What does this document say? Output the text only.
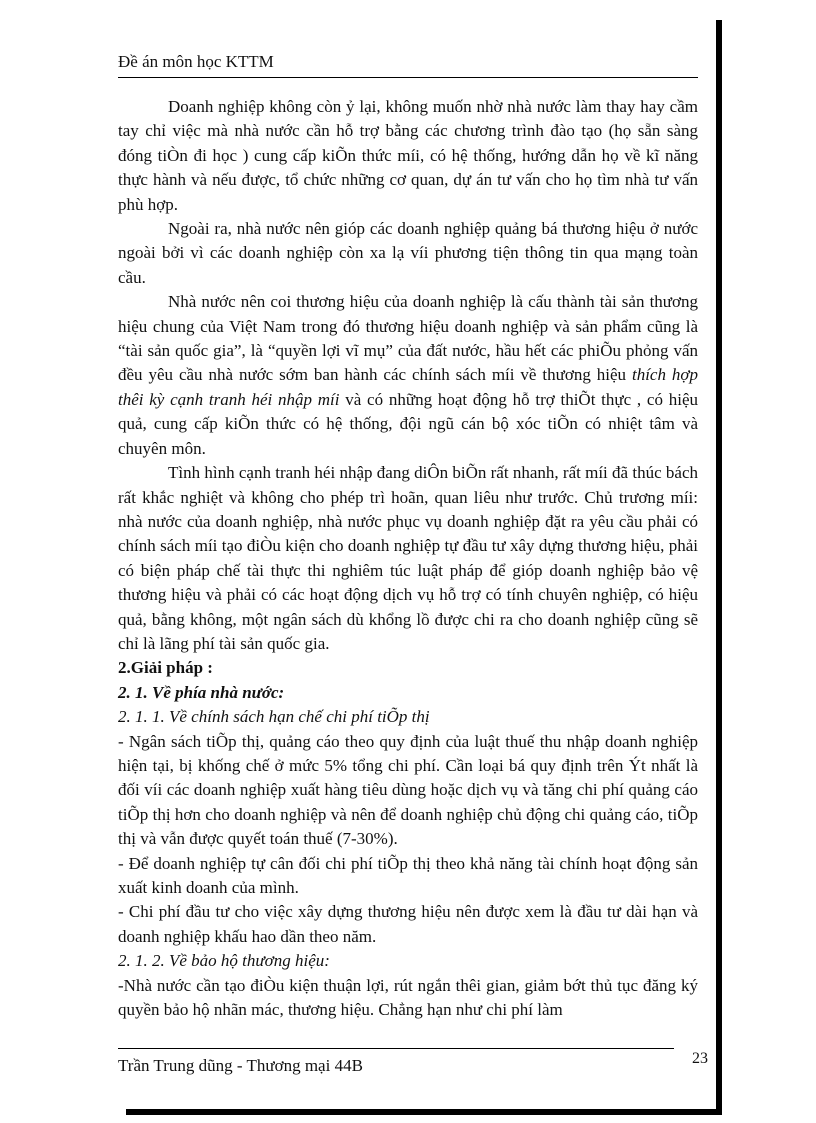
Đề án môn học KTTM

Doanh nghiệp không còn ỷ lại, không muốn nhờ nhà nước làm thay hay cầm tay chỉ việc mà nhà nước cần hỗ trợ bằng các chương trình đào tạo (họ sẵn sàng đóng tiÒn đi học ) cung cấp kiÕn thức míi, có hệ thống, hướng dẫn họ về kĩ năng thực hành và nếu được, tổ chức những cơ quan, dự án tư vấn cho họ tìm nhà tư vấn phù hợp.

Ngoài ra, nhà nước nên gióp các doanh nghiệp quảng bá thương hiệu ở nước ngoài bởi vì các doanh nghiệp còn xa lạ víi phương tiện thông tin qua mạng toàn cầu.

Nhà nước nên coi thương hiệu của doanh nghiệp là cấu thành tài sản thương hiệu chung của Việt Nam trong đó thương hiệu doanh nghiệp và sản phẩm cũng là “tài sản quốc gia”, là “quyền lợi vĩ mụ” của đất nước, hầu hết các phiÕu phỏng vấn đều yêu cầu nhà nước sớm ban hành các chính sách míi về thương hiệu thích hợp thêi kỳ cạnh tranh héi nhập míi và có những hoạt động hỗ trợ thiÕt thực , có hiệu quả, cung cấp kiÕn thức có hệ thống, đội ngũ cán bộ xóc tiÕn có nhiệt tâm và chuyên môn.

Tình hình cạnh tranh héi nhập đang diÔn biÕn rất nhanh, rất míi đã thúc bách rất khắc nghiệt và không cho phép trì hoãn, quan liêu như trước. Chủ trương míi: nhà nước của doanh nghiệp, nhà nước phục vụ doanh nghiệp đặt ra yêu cầu phải có chính sách míi tạo điÒu kiện cho doanh nghiệp tự đầu tư xây dựng thương hiệu, phải có biện pháp chế tài thực thi nghiêm túc luật pháp để gióp doanh nghiệp bảo vệ thương hiệu và phải có các hoạt động dịch vụ hỗ trợ có tính chuyên nghiệp, có hiệu quả, bằng không, một ngân sách dù khổng lồ được chi ra cho doanh nghiệp cũng sẽ chỉ là lãng phí tài sản quốc gia.

2.Giải pháp :

2. 1. Về phía nhà nước:

2. 1. 1. Về chính sách hạn chế chi phí tiÕp thị

- Ngân sách tiÕp thị, quảng cáo theo quy định của luật thuế thu nhập doanh nghiệp hiện tại, bị khống chế ở mức 5% tổng chi phí. Cần loại bá quy định trên Ýt nhất là đối víi các doanh nghiệp xuất hàng tiêu dùng hoặc dịch vụ và tăng chi phí quảng cáo tiÕp thị hơn cho doanh nghiệp và nên để doanh nghiệp chủ động chi quảng cáo, tiÕp thị và vẫn được quyết toán thuế (7-30%).

- Để doanh nghiệp tự cân đối chi phí tiÕp thị theo khả năng tài chính hoạt động sản xuất kinh doanh của mình.

- Chi phí đầu tư cho việc xây dựng thương hiệu nên được xem là đầu tư dài hạn và doanh nghiệp khấu hao dần theo năm.

2. 1. 2. Về bảo hộ thương hiệu:

-Nhà nước cần tạo điÒu kiện thuận lợi, rút ngắn thêi gian, giảm bớt thủ tục đăng ký quyền bảo hộ nhãn mác, thương hiệu. Chẳng hạn như chi phí làm

Trần Trung dũng - Thương mại 44B	23
